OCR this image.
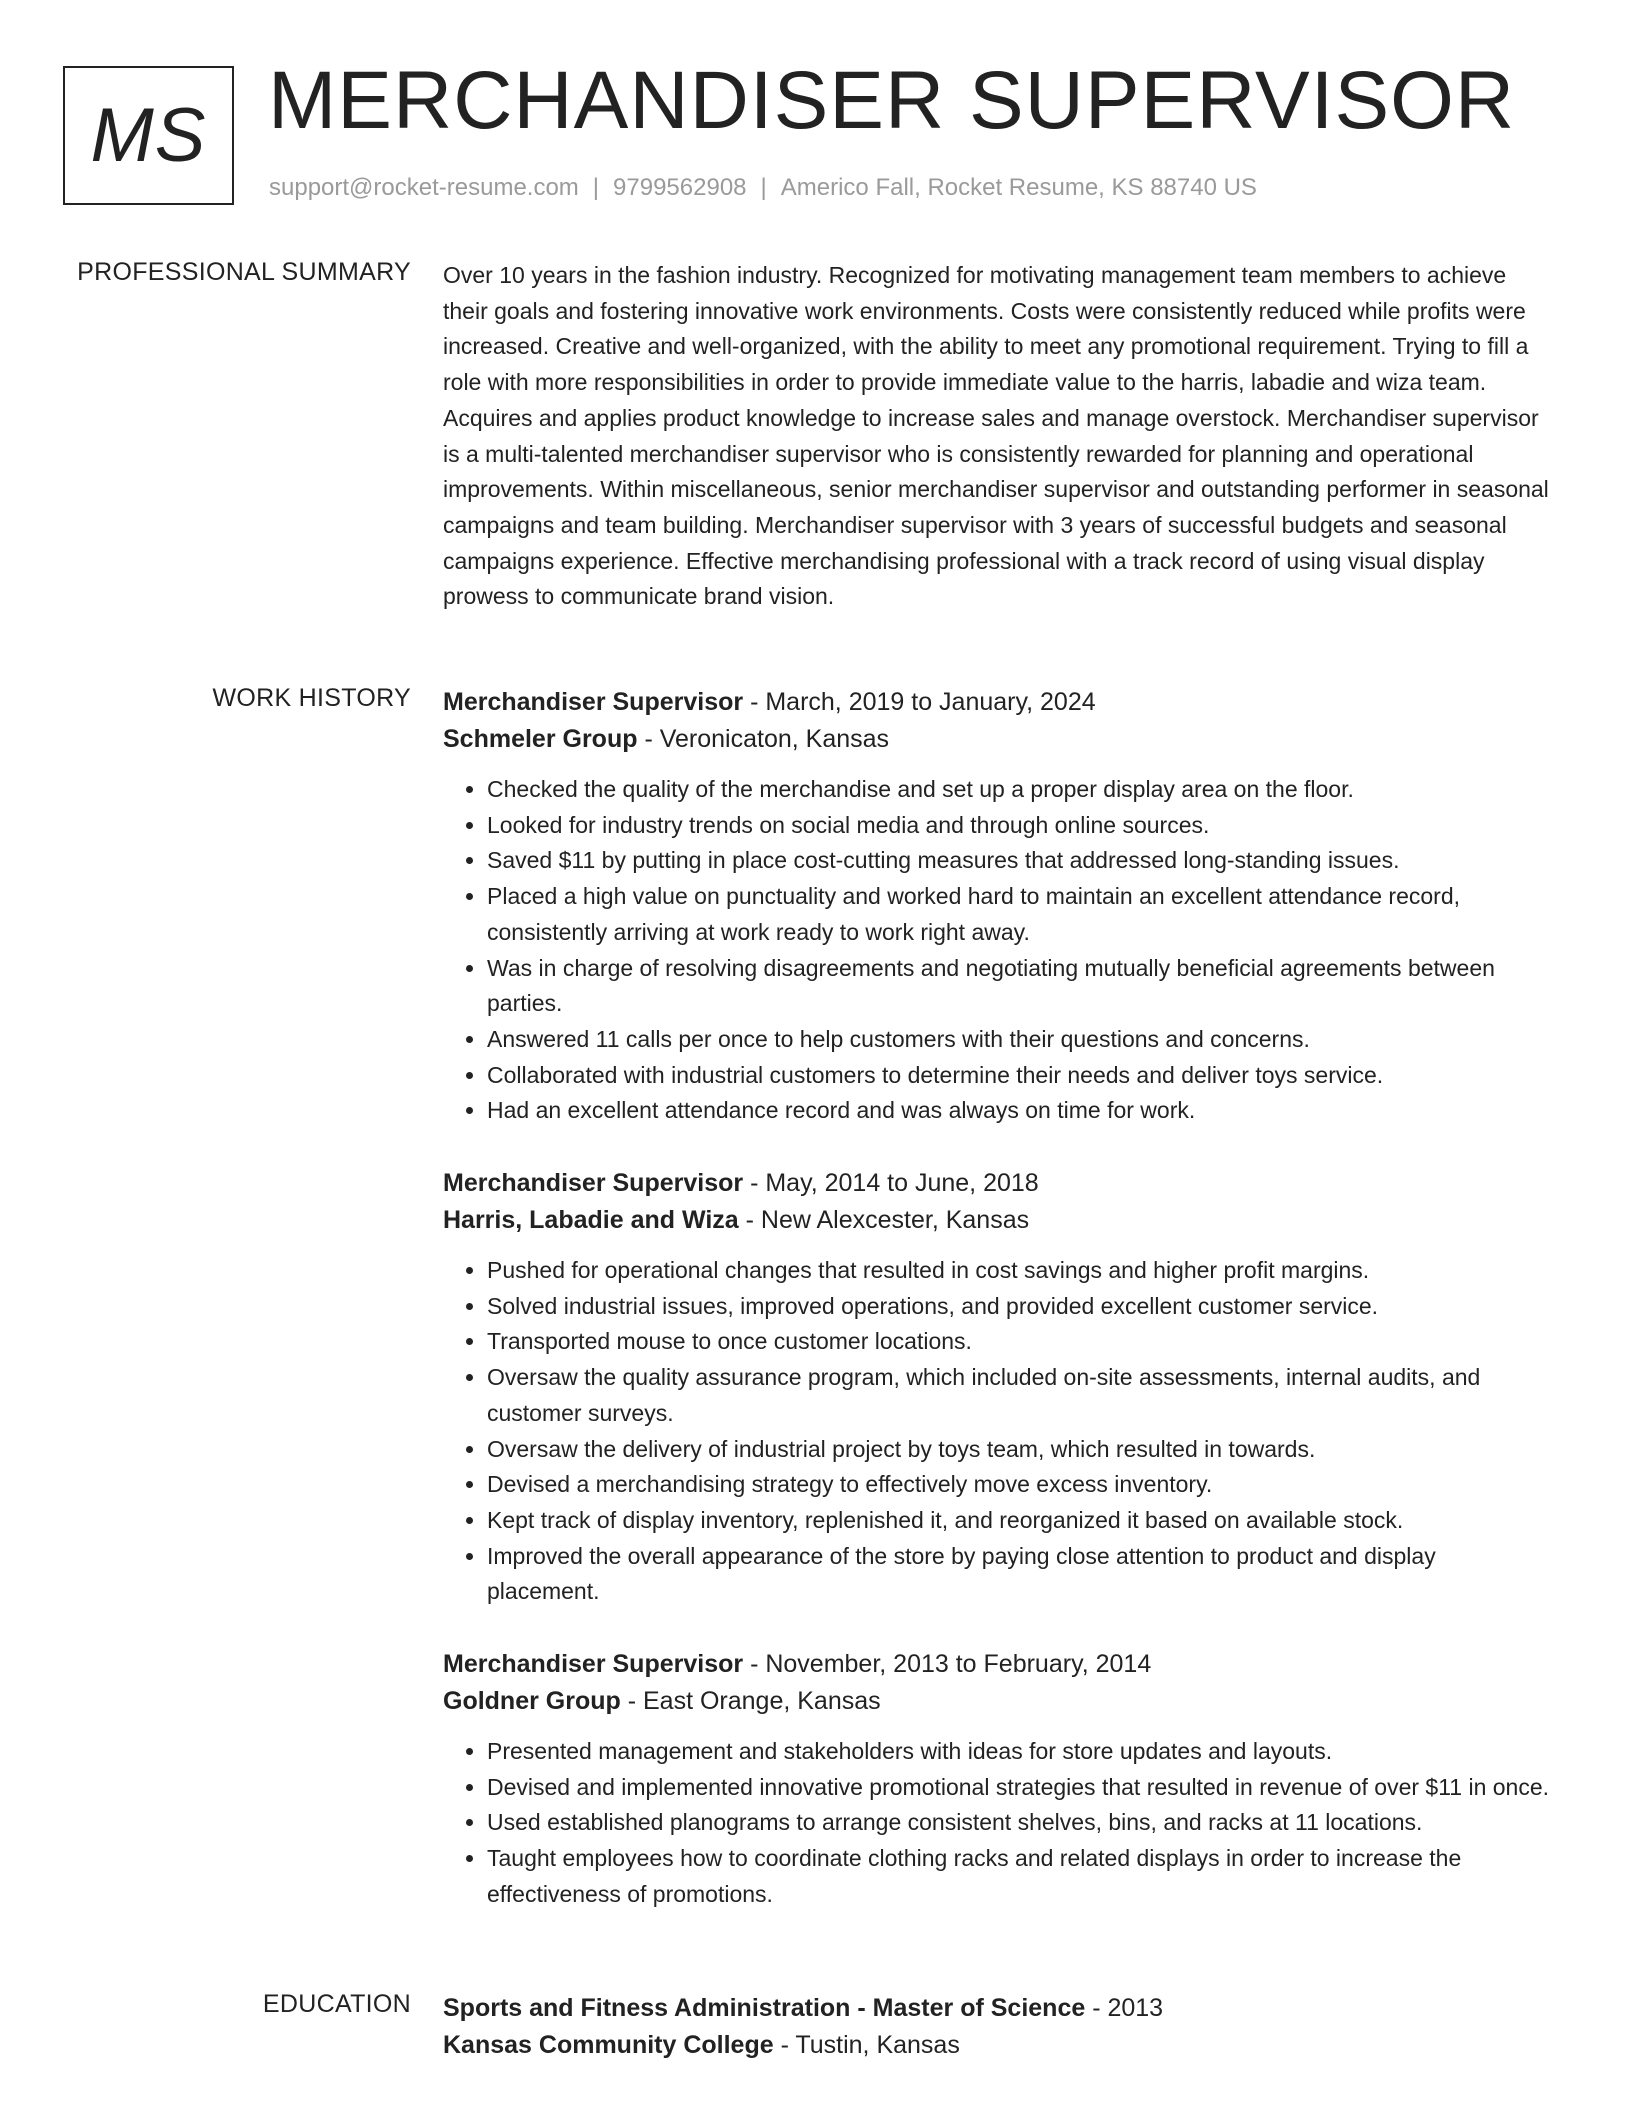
MS MERCHANDISER SUPERVISOR
support@rocket-resume.com | 9799562908 | Americo Fall, Rocket Resume, KS 88740 US
PROFESSIONAL SUMMARY Over 10 years in the fashion industry. Recognized for motivating management team members to achieve their goals and fostering innovative work environments. Costs were consistently reduced while profits were increased. Creative and well-organized, with the ability to meet any promotional requirement. Trying to fill a role with more responsibilities in order to provide immediate value to the harris, labadie and wiza team. Acquires and applies product knowledge to increase sales and manage overstock. Merchandiser supervisor is a multi-talented merchandiser supervisor who is consistently rewarded for planning and operational improvements. Within miscellaneous, senior merchandiser supervisor and outstanding performer in seasonal campaigns and team building. Merchandiser supervisor with 3 years of successful budgets and seasonal campaigns experience. Effective merchandising professional with a track record of using visual display prowess to communicate brand vision.

WORK HISTORY Merchandiser Supervisor - March, 2019 to January, 2024
Schmeler Group - Veronicaton, Kansas
• Checked the quality of the merchandise and set up a proper display area on the floor.
• Looked for industry trends on social media and through online sources.
• Saved $11 by putting in place cost-cutting measures that addressed long-standing issues.
• Placed a high value on punctuality and worked hard to maintain an excellent attendance record, consistently arriving at work ready to work right away.
• Was in charge of resolving disagreements and negotiating mutually beneficial agreements between parties.
• Answered 11 calls per once to help customers with their questions and concerns.
• Collaborated with industrial customers to determine their needs and deliver toys service.
• Had an excellent attendance record and was always on time for work.
Merchandiser Supervisor - May, 2014 to June, 2018
Harris, Labadie and Wiza - New Alexcester, Kansas
• Pushed for operational changes that resulted in cost savings and higher profit margins.
• Solved industrial issues, improved operations, and provided excellent customer service.
• Transported mouse to once customer locations.
• Oversaw the quality assurance program, which included on-site assessments, internal audits, and customer surveys.
• Oversaw the delivery of industrial project by toys team, which resulted in towards.
• Devised a merchandising strategy to effectively move excess inventory.
• Kept track of display inventory, replenished it, and reorganized it based on available stock.
• Improved the overall appearance of the store by paying close attention to product and display placement.
Merchandiser Supervisor - November, 2013 to February, 2014
Goldner Group - East Orange, Kansas
• Presented management and stakeholders with ideas for store updates and layouts.
• Devised and implemented innovative promotional strategies that resulted in revenue of over $11 in once.
• Used established planograms to arrange consistent shelves, bins, and racks at 11 locations.
• Taught employees how to coordinate clothing racks and related displays in order to increase the effectiveness of promotions.
EDUCATION Sports and Fitness Administration - Master of Science - 2013
Kansas Community College - Tustin, Kansas
